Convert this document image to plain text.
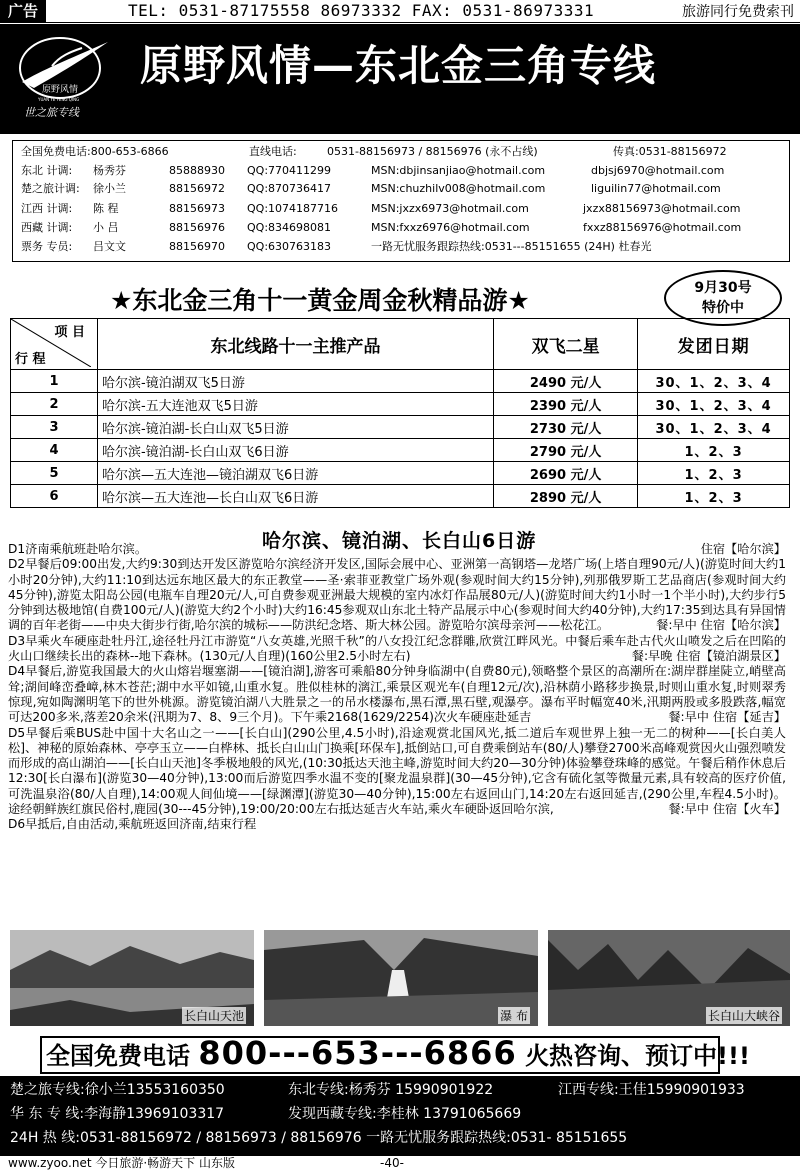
广告	TEL: 0531-87175558 86973332 FAX: 0531-86973331	旅游同行免费索刊
原野风情
YUAN YE FENG QING
世之旅专线
原野风情—东北金三角专线
全国免费电话:800-653-6866	直线电话:	0531-88156973 / 88156976 (永不占线)	传真:0531-88156972
东北 计调: 杨秀芬	85888930 QQ:770411299	MSN:dbjinsanjiao@hotmail.com	dbjsj6970@hotmail.com
楚之旅计调: 徐小兰	88156972 QQ:870736417	MSN:chuzhilv008@hotmail.com	liguilin77@hotmail.com
江西 计调: 陈 程	88156973 QQ:1074187716	MSN:jxzx6973@hotmail.com	jxzx88156973@hotmail.com
西藏 计调: 小 吕	88156976 QQ:834698081	MSN:fxxz6976@hotmail.com	fxxz88156976@hotmail.com
票务 专员: 吕文文	88156970 QQ:630763183	一路无忧服务跟踪热线:0531---85151655 (24H) 杜春光
★东北金三角十一黄金周金秋精品游★	9月30号
特价中
项 目
行 程	东北线路十一主推产品	双飞二星	发团日期
1	哈尔滨-镜泊湖双飞5日游	2490 元/人	30、1、2、3、4
2	哈尔滨-五大连池双飞5日游	2390 元/人	30、1、2、3、4
3	哈尔滨-镜泊湖-长白山双飞5日游	2730 元/人	30、1、2、3、4
4	哈尔滨-镜泊湖-长白山双飞6日游	2790 元/人	1、2、3
5	哈尔滨—五大连池—镜泊湖双飞6日游	2690 元/人	1、2、3
6	哈尔滨—五大连池—长白山双飞6日游	2890 元/人	1、2、3
哈尔滨、镜泊湖、长白山6日游	住宿【哈尔滨】
D1济南乘航班赴哈尔滨。

D2早餐后09:00出发,大约9:30到达开发区游览哈尔滨经济开发区,国际会展中心、亚洲第一高钢塔—龙塔广场(上塔自理90元/人)(游览时间大约1小时20分钟),大约11:10到达远东地区最大的东正教堂——圣·索菲亚教堂广场外观(参观时间大约15分钟),列那俄罗斯工艺品商店(参观时间大约45分钟),游览太阳岛公园(电瓶车自理20元/人,可自费参观亚洲最大规模的室内冰灯作品展80元/人)(游览时间大约1小时一1个半小时),大约步行5分钟到达极地馆(自费100元/人)(游览大约2个小时)大约16:45参观双山东北土特产品展示中心(参观时间大约40分钟),大约17:35到达具有异国情调的百年老街——中央大街步行街,哈尔滨的城标——防洪纪念塔、斯大林公园。游览哈尔滨母亲河——松花江。	餐:早中 住宿【哈尔滨】

D3早乘火车硬座赴牡丹江,途径牡丹江市游览“八女英雄,光照千秋”的八女投江纪念群雕,欣赏江畔风光。中餐后乘车赴古代火山喷发之后在凹陷的火山口继续长出的森林--地下森林。(130元/人自理)(160公里2.5小时左右)	餐:早晚 住宿【镜泊湖景区】

D4早餐后,游览我国最大的火山熔岩堰塞湖——[镜泊湖],游客可乘船80分钟身临湖中(自费80元),领略整个景区的高潮所在:湖岸群崖陡立,峭壁高耸;湖间峰峦叠嶂,林木苍茫;湖中水平如镜,山重水复。胜似桂林的漓江,乘景区观光车(自理12元/次),沿林荫小路移步换景,时则山重水复,时则翠秀惊现,宛如陶渊明笔下的世外桃源。游览镜泊湖八大胜景之一的吊水楼瀑布,黑石潭,黑石壁,观瀑亭。瀑布平时幅宽40米,汛期两股或多股跌落,幅宽可达200多米,落差20余米(汛期为7、8、9三个月)。下午乘2168(1629/2254)次火车硬座赴延吉	餐:早中 住宿【延吉】

D5早餐后乘BUS赴中国十大名山之一——[长白山](290公里,4.5小时),沿途观赏北国风光,抵二道后车观世界上独一无二的树种——[长白美人松]、神秘的原始森林、亭亭玉立——白桦林、抵长白山山门换乘[环保车],抵倒站口,可自费乘倒站车(80/人)攀登2700米高峰观赏因火山强烈喷发而形成的高山湖泊——[长白山天池]冬季极地般的风光,(10:30抵达天池主峰,游览时间大约20—30分钟)体验攀登珠峰的感觉。午餐后稍作休息后12:30[长白瀑布](游览30—40分钟),13:00而后游览四季水温不变的[聚龙温泉群](30—45分钟),它含有硫化氢等微量元素,具有较高的医疗价值,可洗温泉浴(80/人自理),14:00观人间仙境——[绿渊潭](游览30—40分钟),15:00左右返回山门,14:20左右返回延吉,(290公里,车程4.5小时)。途经朝鲜族红旗民俗村,鹿园(30---45分钟),19:00/20:00左右抵达延吉火车站,乘火车硬卧返回哈尔滨,	餐:早中 住宿【火车】

D6早抵后,自由活动,乘航班返回济南,结束行程

长白山天池	瀑 布	长白山大峡谷
全国免费电话 800---653---6866 火热咨询、预订中!!!
楚之旅专线:徐小兰13553160350	东北专线:杨秀芬 15990901922	江西专线:王佳15990901933
华 东 专 线:李海静13969103317	发现西藏专线:李桂林 13791065669
24H 热 线:0531-88156972 / 88156973 / 88156976 一路无忧服务跟踪热线:0531- 85151655
www.zyoo.net 今日旅游·畅游天下 山东版	-40-
